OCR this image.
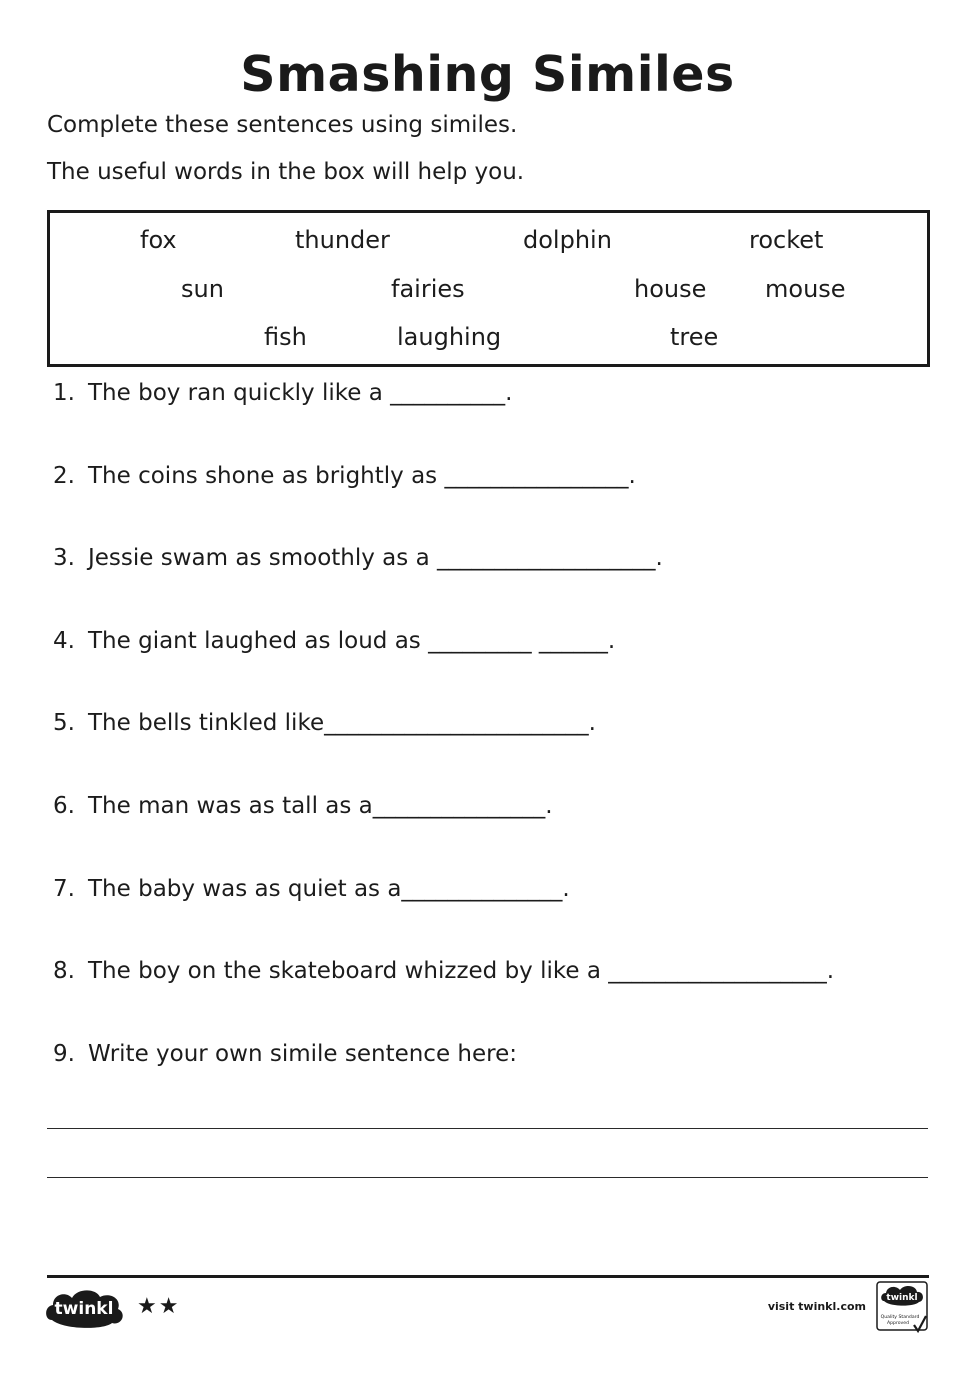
Smashing Similes
Complete these sentences using similes.
The useful words in the box will help you.
fox	thunder	dolphin	rocket
sun	fairies	house mouse
fish	laughing	tree
1. The boy ran quickly like a __________.
2. The coins shone as brightly as ________________.
3. Jessie swam as smoothly as a ___________________.
4. The giant laughed as loud as _________ ______.
5. The bells tinkled like_______________________.
6. The man was as tall as a_______________.
7. The baby was as quiet as a______________.
8. The boy on the skateboard whizzed by like a ___________________.
9. Write your own simile sentence here:
twinkl ★★	visit twinkl.com
twinkl
Quality Standard
Approved
